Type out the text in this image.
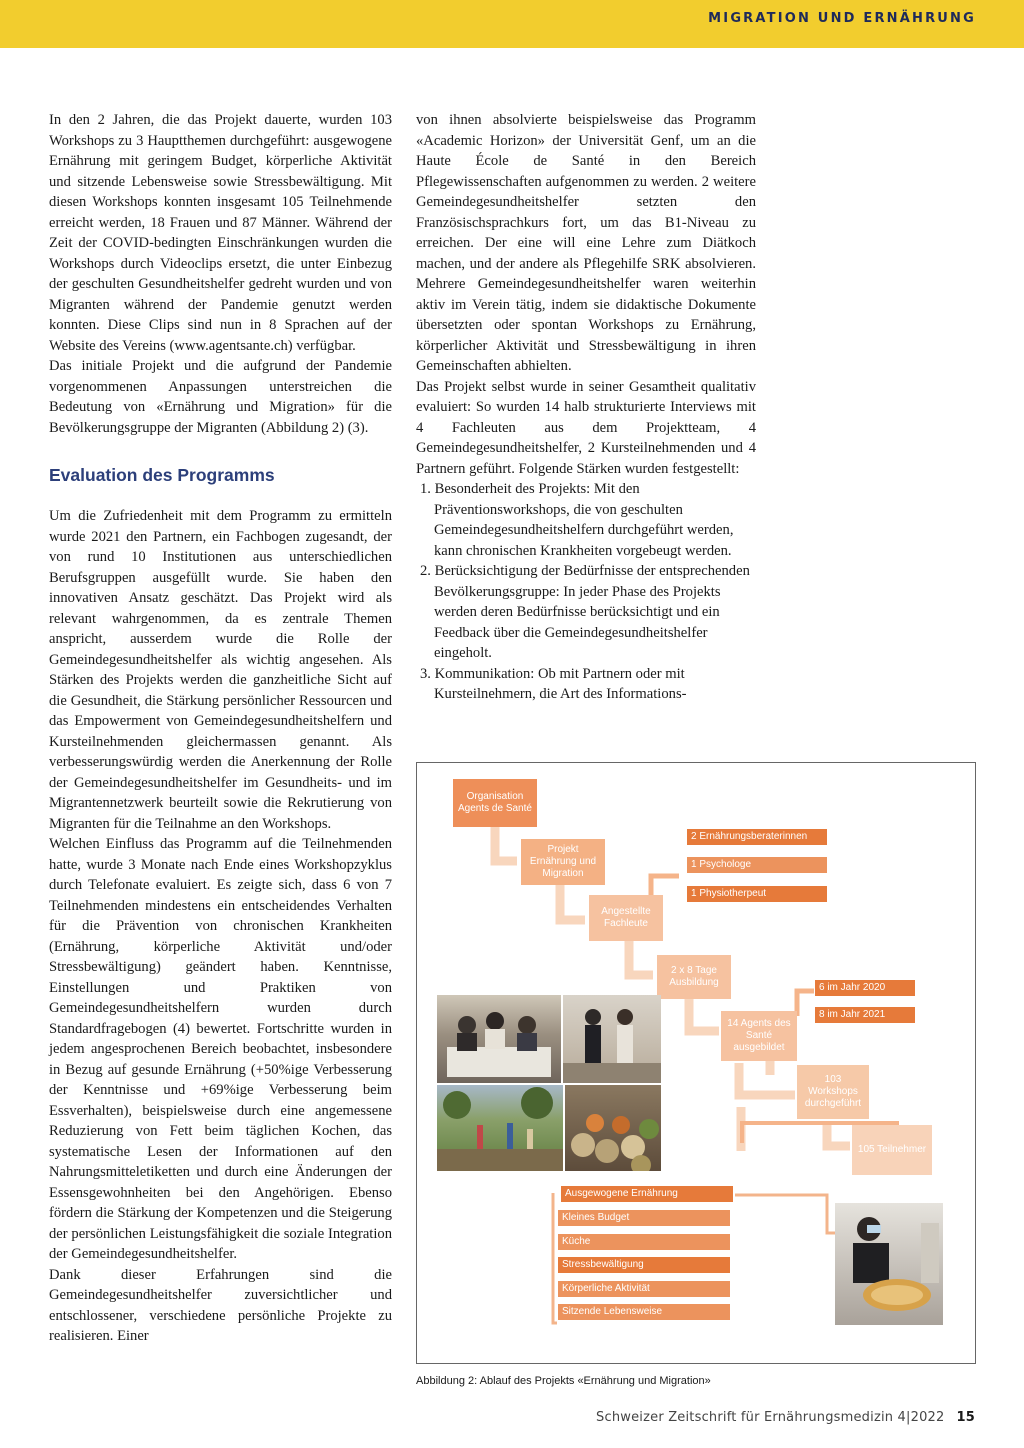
MIGRATION UND ERNÄHRUNG

In den 2 Jahren, die das Projekt dauerte, wurden 103 Workshops zu 3 Hauptthemen durchgeführt: ausgewogene Ernährung mit geringem Budget, körperliche Aktivität und sitzende Lebensweise sowie Stressbewältigung. Mit diesen Workshops konnten insgesamt 105 Teilnehmende erreicht werden, 18 Frauen und 87 Männer. Während der Zeit der COVID-bedingten Einschränkungen wurden die Workshops durch Videoclips ersetzt, die unter Einbezug der geschulten Gesundheitshelfer gedreht wurden und von Migranten während der Pandemie genutzt werden konnten. Diese Clips sind nun in 8 Sprachen auf der Website des Vereins (www.agentsante.ch) verfügbar.

Das initiale Projekt und die aufgrund der Pandemie vorgenommenen Anpassungen unterstreichen die Bedeutung von «Ernährung und Migration» für die Bevölkerungsgruppe der Migranten (Abbildung 2) (3).

Evaluation des Programms

Um die Zufriedenheit mit dem Programm zu ermitteln wurde 2021 den Partnern, ein Fachbogen zugesandt, der von rund 10 Institutionen aus unterschiedlichen Berufsgruppen ausgefüllt wurde. Sie haben den innovativen Ansatz geschätzt. Das Projekt wird als relevant wahrgenommen, da es zentrale Themen anspricht, ausserdem wurde die Rolle der Gemeindegesundheitshelfer als wichtig angesehen. Als Stärken des Projekts werden die ganzheitliche Sicht auf die Gesundheit, die Stärkung persönlicher Ressourcen und das Empowerment von Gemeindegesundheitshelfern und Kursteilnehmenden gleichermassen genannt. Als verbesserungswürdig werden die Anerkennung der Rolle der Gemeindegesundheitshelfer im Gesundheits- und im Migrantennetzwerk beurteilt sowie die Rekrutierung von Migranten für die Teilnahme an den Workshops.

Welchen Einfluss das Programm auf die Teilnehmenden hatte, wurde 3 Monate nach Ende eines Workshopzyklus durch Telefonate evaluiert. Es zeigte sich, dass 6 von 7 Teilnehmenden mindestens ein entscheidendes Verhalten für die Prävention von chronischen Krankheiten (Ernährung, körperliche Aktivität und/oder Stressbewältigung) geändert haben. Kenntnisse, Einstellungen und Praktiken von Gemeindegesundheitshelfern wurden durch Standardfragebogen (4) bewertet. Fortschritte wurden in jedem angesprochenen Bereich beobachtet, insbesondere in Bezug auf gesunde Ernährung (+50%ige Verbesserung der Kenntnisse und +69%ige Verbesserung beim Essverhalten), beispielsweise durch eine angemessene Reduzierung von Fett beim täglichen Kochen, das systematische Lesen der Informationen auf den Nahrungsmitteletiketten und durch eine Änderungen der Essensgewohnheiten bei den Angehörigen. Ebenso fördern die Stärkung der Kompetenzen und die Steigerung der persönlichen Leistungsfähigkeit die soziale Integration der Gemeindegesundheitshelfer.

Dank dieser Erfahrungen sind die Gemeindegesundheitshelfer zuversichtlicher und entschlossener, verschiedene persönliche Projekte zu realisieren. Einer

von ihnen absolvierte beispielsweise das Programm «Academic Horizon» der Universität Genf, um an die Haute École de Santé in den Bereich Pflegewissenschaften aufgenommen zu werden. 2 weitere Gemeindegesundheitshelfer setzten den Französischsprachkurs fort, um das B1-Niveau zu erreichen. Der eine will eine Lehre zum Diätkoch machen, und der andere als Pflegehilfe SRK absolvieren. Mehrere Gemeindegesundheitshelfer waren weiterhin aktiv im Verein tätig, indem sie didaktische Dokumente übersetzten oder spontan Workshops zu Ernährung, körperlicher Aktivität und Stressbewältigung in ihren Gemeinschaften abhielten.

Das Projekt selbst wurde in seiner Gesamtheit qualitativ evaluiert: So wurden 14 halb strukturierte Interviews mit 4 Fachleuten aus dem Projektteam, 4 Gemeindegesundheitshelfer, 2 Kursteilnehmenden und 4 Partnern geführt. Folgende Stärken wurden festgestellt:

1. Besonderheit des Projekts: Mit den Präventionsworkshops, die von geschulten Gemeindegesundheitshelfern durchgeführt werden, kann chronischen Krankheiten vorgebeugt werden.
2. Berücksichtigung der Bedürfnisse der entsprechenden Bevölkerungsgruppe: In jeder Phase des Projekts werden deren Bedürfnisse berücksichtigt und ein Feedback über die Gemeindegesundheitshelfer eingeholt.
3. Kommunikation: Ob mit Partnern oder mit Kursteilnehmern, die Art des Informations-
Organisation Agents de Santé
Projekt Ernährung und Migration
Angestellte Fachleute
2 x 8 Tage Ausbildung
14 Agents des Santé ausgebildet
103 Workshops durchgeführt
105 Teilnehmer
2 Ernährungsberaterinnen
1 Psychologe
1 Physiotherpeut
6 im Jahr 2020
8 im Jahr 2021
Ausgewogene Ernährung
Kleines Budget
Küche
Stressbewältigung
Körperliche Aktivität
Sitzende Lebensweise
Abbildung 2: Ablauf des Projekts «Ernährung und Migration»
Schweizer Zeitschrift für Ernährungsmedizin 4|2022 15
